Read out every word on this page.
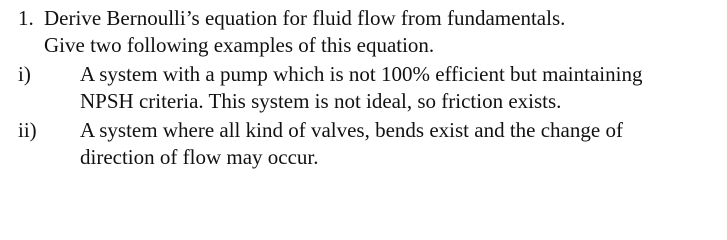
1. Derive Bernoulli’s equation for fluid flow from fundamentals.
Give two following examples of this equation.
i) A system with a pump which is not 100% efficient but maintaining
NPSH criteria. This system is not ideal, so friction exists.
ii) A system where all kind of valves, bends exist and the change of
direction of flow may occur.
